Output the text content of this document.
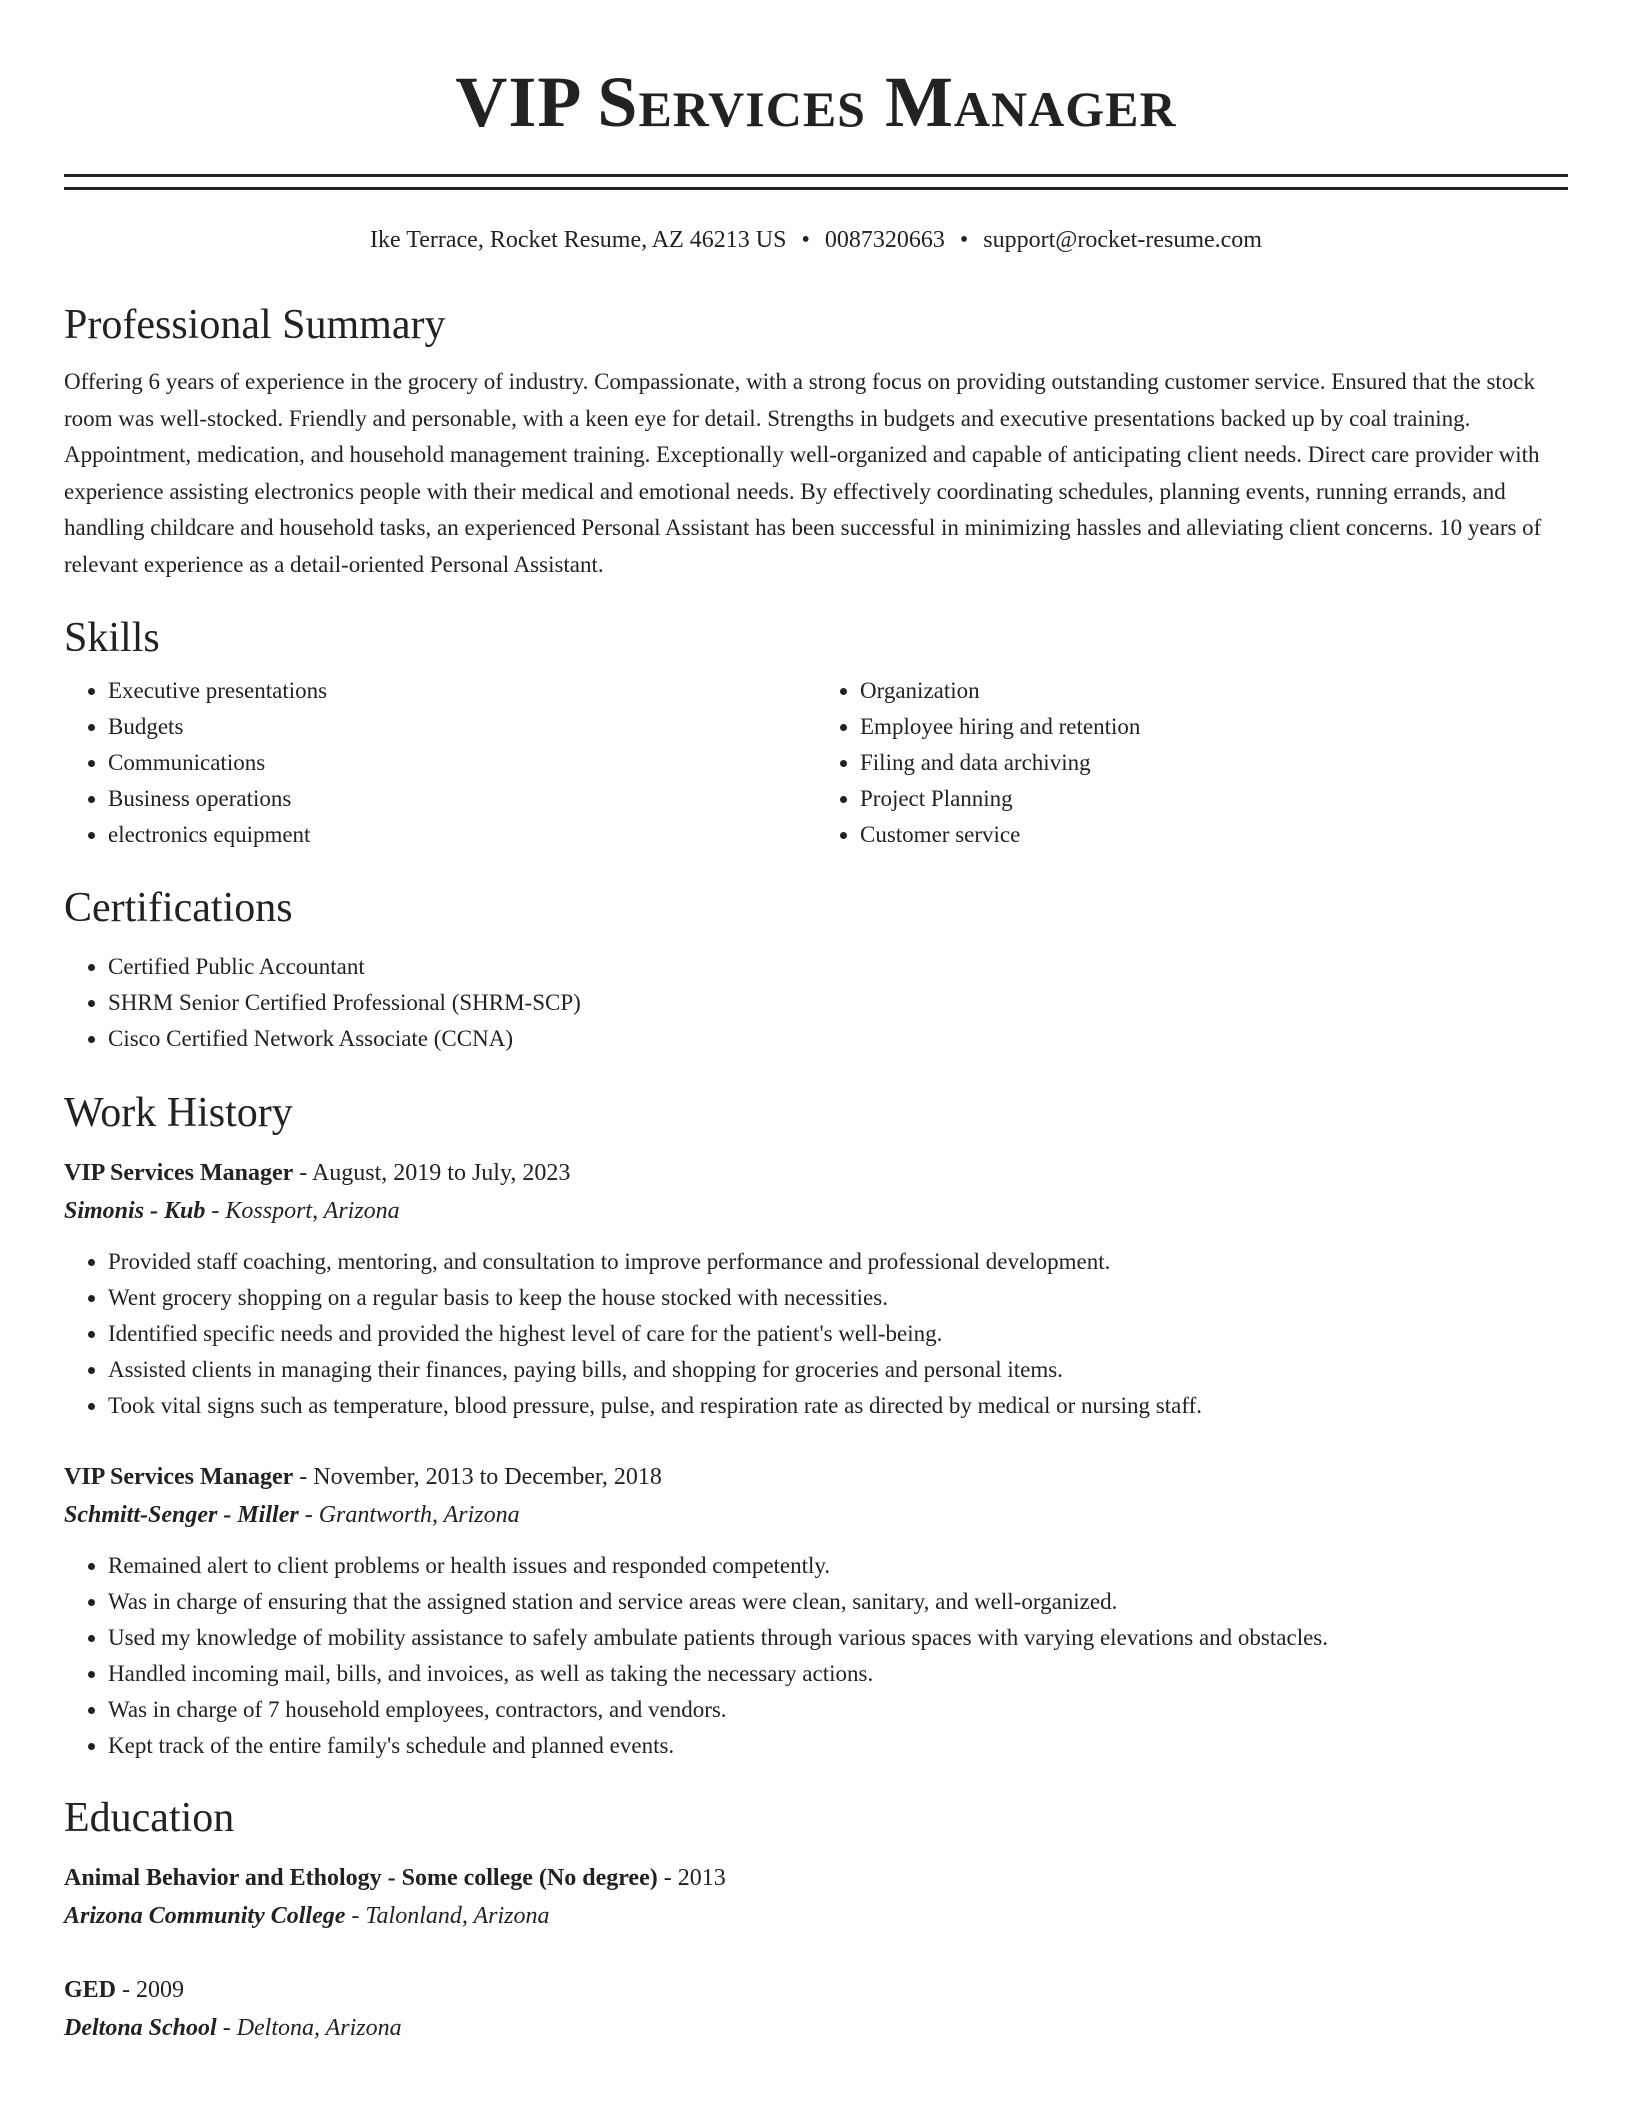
VIP Services Manager
Ike Terrace, Rocket Resume, AZ 46213 US • 0087320663 • support@rocket-resume.com
Professional Summary

Offering 6 years of experience in the grocery of industry. Compassionate, with a strong focus on providing outstanding customer service. Ensured that the stock room was well-stocked. Friendly and personable, with a keen eye for detail. Strengths in budgets and executive presentations backed up by coal training. Appointment, medication, and household management training. Exceptionally well-organized and capable of anticipating client needs. Direct care provider with experience assisting electronics people with their medical and emotional needs. By effectively coordinating schedules, planning events, running errands, and handling childcare and household tasks, an experienced Personal Assistant has been successful in minimizing hassles and alleviating client concerns. 10 years of relevant experience as a detail-oriented Personal Assistant.

Skills
• Executive presentations
• Budgets
• Communications
• Business operations
• electronics equipment
• Organization
• Employee hiring and retention
• Filing and data archiving
• Project Planning
• Customer service
Certifications
• Certified Public Accountant
• SHRM Senior Certified Professional (SHRM-SCP)
• Cisco Certified Network Associate (CCNA)
Work History
VIP Services Manager - August, 2019 to July, 2023
Simonis - Kub - Kossport, Arizona
• Provided staff coaching, mentoring, and consultation to improve performance and professional development.
• Went grocery shopping on a regular basis to keep the house stocked with necessities.
• Identified specific needs and provided the highest level of care for the patient's well-being.
• Assisted clients in managing their finances, paying bills, and shopping for groceries and personal items.
• Took vital signs such as temperature, blood pressure, pulse, and respiration rate as directed by medical or nursing staff.
VIP Services Manager - November, 2013 to December, 2018
Schmitt-Senger - Miller - Grantworth, Arizona
• Remained alert to client problems or health issues and responded competently.
• Was in charge of ensuring that the assigned station and service areas were clean, sanitary, and well-organized.
• Used my knowledge of mobility assistance to safely ambulate patients through various spaces with varying elevations and obstacles.
• Handled incoming mail, bills, and invoices, as well as taking the necessary actions.
• Was in charge of 7 household employees, contractors, and vendors.
• Kept track of the entire family's schedule and planned events.
Education
Animal Behavior and Ethology - Some college (No degree) - 2013
Arizona Community College - Talonland, Arizona
GED - 2009
Deltona School - Deltona, Arizona
